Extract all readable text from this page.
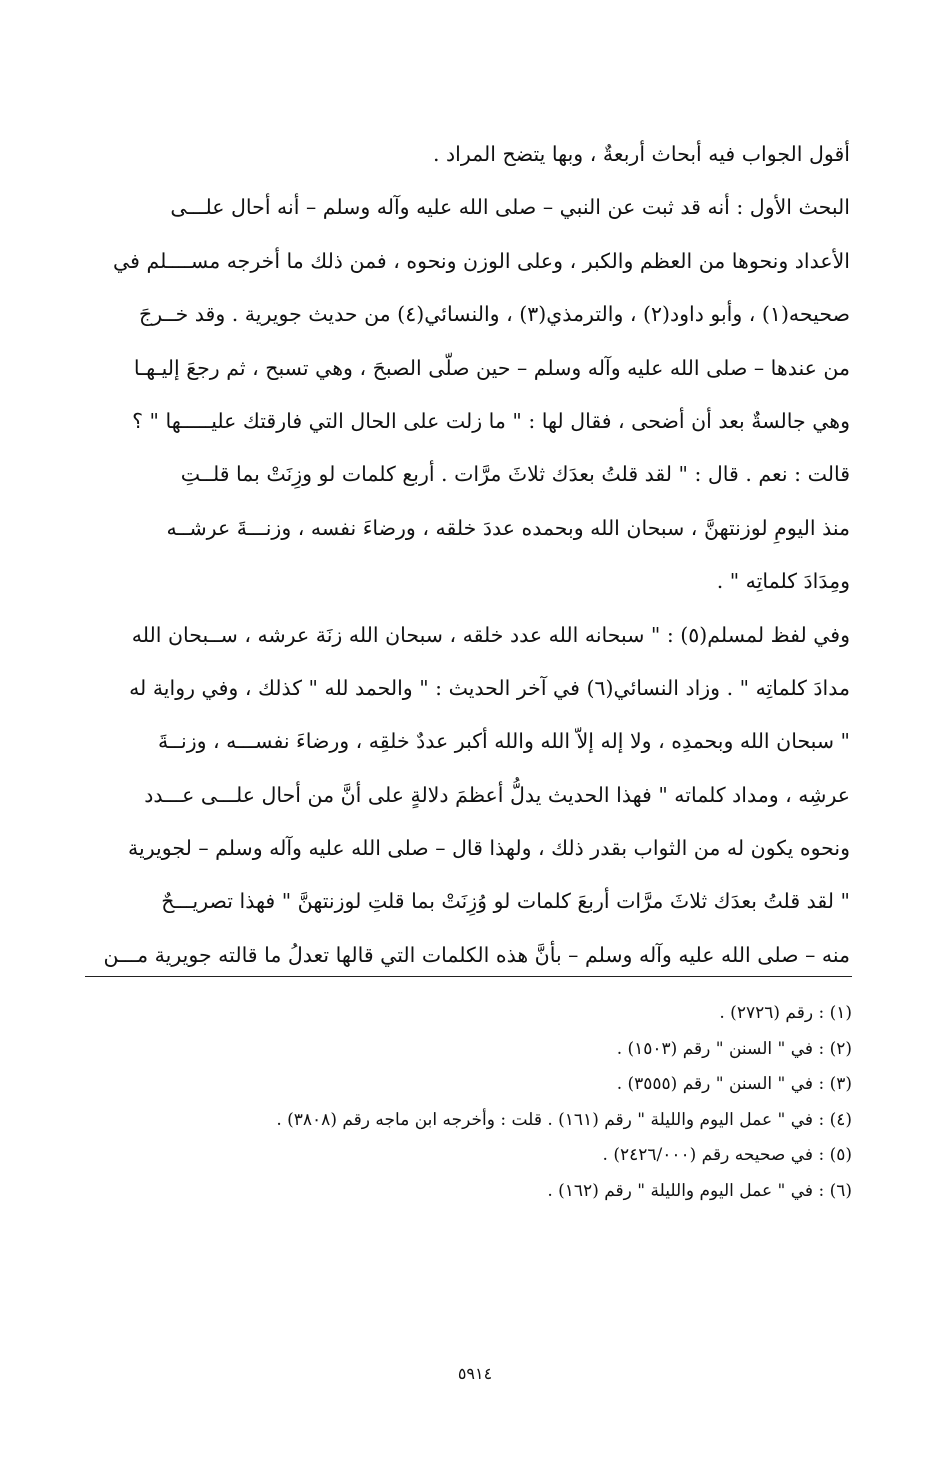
أقول الجواب فيه أبحاث أربعةٌ ، وبها يتضح المراد .
البحث الأول : أنه قد ثبت عن النبي – صلى الله عليه وآله وسلم – أنه أحال علـــى
الأعداد ونحوها من العظم والكبر ، وعلى الوزن ونحوه ، فمن ذلك ما أخرجه مســــلم في
صحيحه(١) ، وأبو داود(٢) ، والترمذي(٣) ، والنسائي(٤) من حديث جويرية . وقد خــرجَ
من عندها – صلى الله عليه وآله وسلم – حين صلّى الصبحَ ، وهي تسبح ، ثم رجعَ إليـهـا
وهي جالسةٌ بعد أن أضحى ، فقال لها : " ما زلت على الحال التي فارقتك عليـــــها " ؟
قالت : نعم . قال : " لقد قلتُ بعدَك ثلاثَ مرَّات . أربع كلمات لو وزِنَتْ بما قلــتِ
منذ اليومِ لوزنتهنَّ ، سبحان الله وبحمده عددَ خلقه ، ورضاءَ نفسه ، وزنـــةَ عرشــه
ومِدَادَ كلماتِه " .
وفي لفظ لمسلم(٥) : " سبحانه الله عدد خلقه ، سبحان الله زنَة عرشه ، ســبحان الله
مدادَ كلماتِه " . وزاد النسائي(٦) في آخر الحديث : " والحمد لله " كذلك ، وفي رواية له
" سبحان الله وبحمدِه ، ولا إله إلاّ الله والله أكبر عددٌ خلقِه ، ورضاءَ نفســـه ، وزنــةَ
عرشِه ، ومداد كلماته " فهذا الحديث يدلُّ أعظمَ دلالةٍ على أنَّ من أحال علـــى عـــدد
ونحوه يكون له من الثواب بقدر ذلك ، ولهذا قال – صلى الله عليه وآله وسلم – لجويرية
" لقد قلتُ بعدَك ثلاثَ مرَّات أربعَ كلمات لو وُزِنَتْ بما قلتِ لوزنتهنَّ " فهذا تصريـــحٌ
منه – صلى الله عليه وآله وسلم – بأنَّ هذه الكلمات التي قالها تعدلُ ما قالته جويرية مـــن
(١) : رقم (٢٧٢٦) .
(٢) : في " السنن " رقم (١٥٠٣) .
(٣) : في " السنن " رقم (٣٥٥٥) .
(٤) : في " عمل اليوم والليلة " رقم (١٦١) . قلت : وأخرجه ابن ماجه رقم (٣٨٠٨) .
(٥) : في صحيحه رقم (٢٤٢٦/٠٠٠) .
(٦) : في " عمل اليوم والليلة " رقم (١٦٢) .
٥٩١٤
